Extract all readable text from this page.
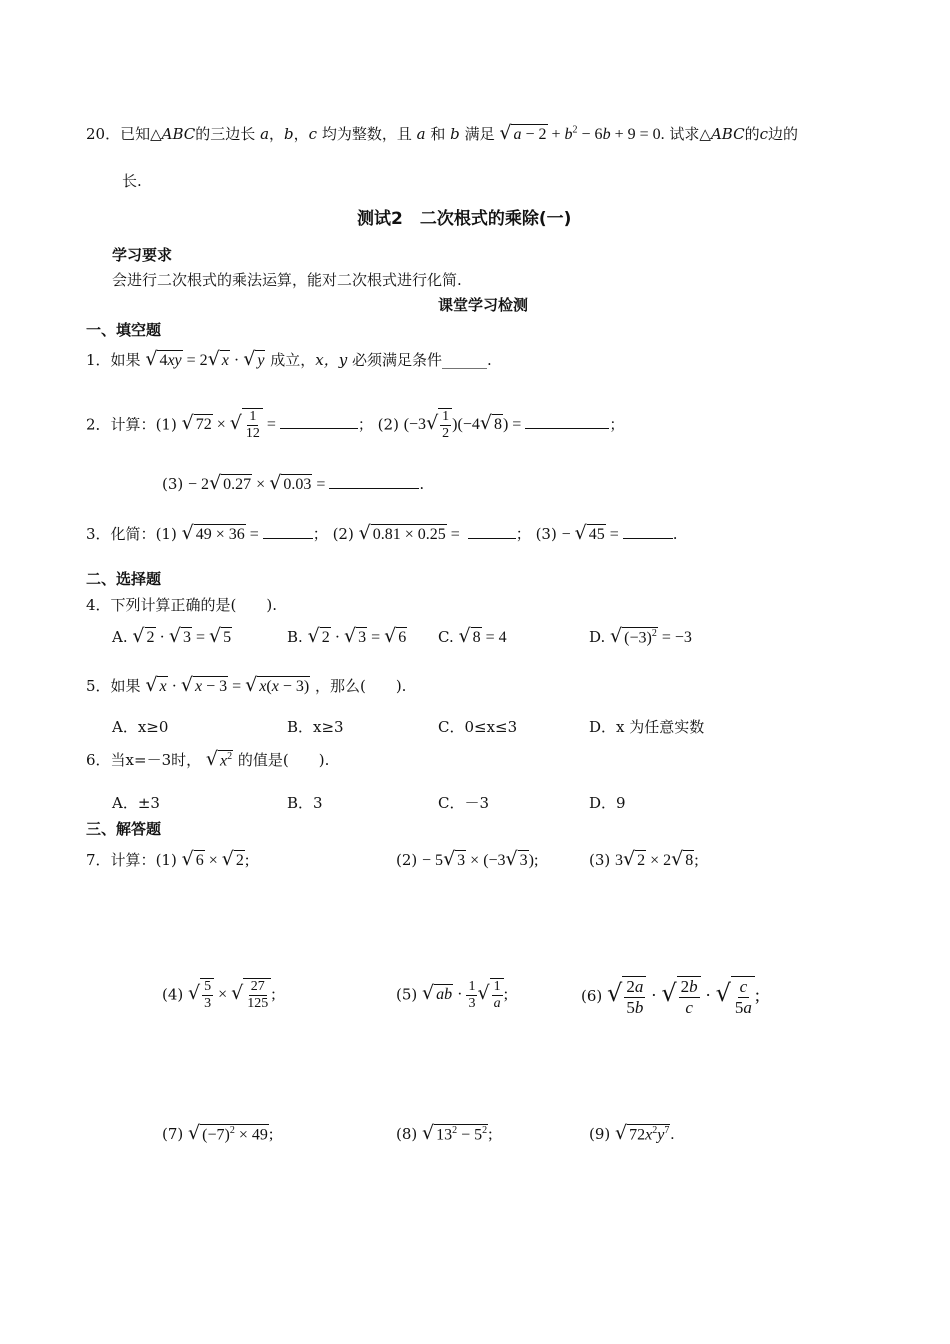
20．已知△ABC的三边长 a，b，c 均为整数，且 a 和 b 满足 √ $a - 2 + b^2 - 6b + 9 = 0$. 试求△ABC的c边的
长.
测试2　二次根式的乘除(一)
学习要求
会进行二次根式的乘法运算，能对二次根式进行化简.
课堂学习检测
一、填空题
1．如果 √ 4xy = 2√ x · √ y 成立，x，y 必须满足条件______.
2．计算：(1) √ 72 × √ $\frac{1}{12}$ =	； (2) $(-3√ \frac{1}{2} )(-4√$ 8) =	；
(3) − 2√ 0.27 × √ 0.03 =	.
3．化简：(1) √ 49 × 36 =	； (2) √ 0.81 × 0.25 =	； (3) − √ 45 =	.
二、选择题
4．下列计算正确的是(　　).
A. √ 2 · √ 3 = √ 5	B. √ 2 · √ 3 = √ 6 C. √ 8 = 4	D. √ $(-3)^2 = -3$
5．如果 √ x · √ x − 3 = √ x(x − 3) ，那么(　　).
A．x≥0	B．x≥3	C．0≤x≤3	D．x 为任意实数
6．当x=－3时， √ $x^2$ 的值是(　　).
A．±3	B．3	C．－3	D．9
三、解答题
7．计算：(1) √ 6 × √ 2;	(2) − 5√ 3 × (−3√ 3);	(3) 3√ 2 × 2√ 8;
(4) √ $\frac{5}{3}$ × √ $\frac{27}{125}$ ;	(5) √ ab · $\frac{1}{3}$ √ $\frac{1}{a}$ ;	(6) √ $\frac{2a}{5b}$ · √ $\frac{2b}{c}$ · √ $\frac{c}{5a}$ ;
(7) √ $(-7)^2 \times 49$;	(8) √ $13^2 - 5^2$;	(9) √ $72x^2y^7$.
